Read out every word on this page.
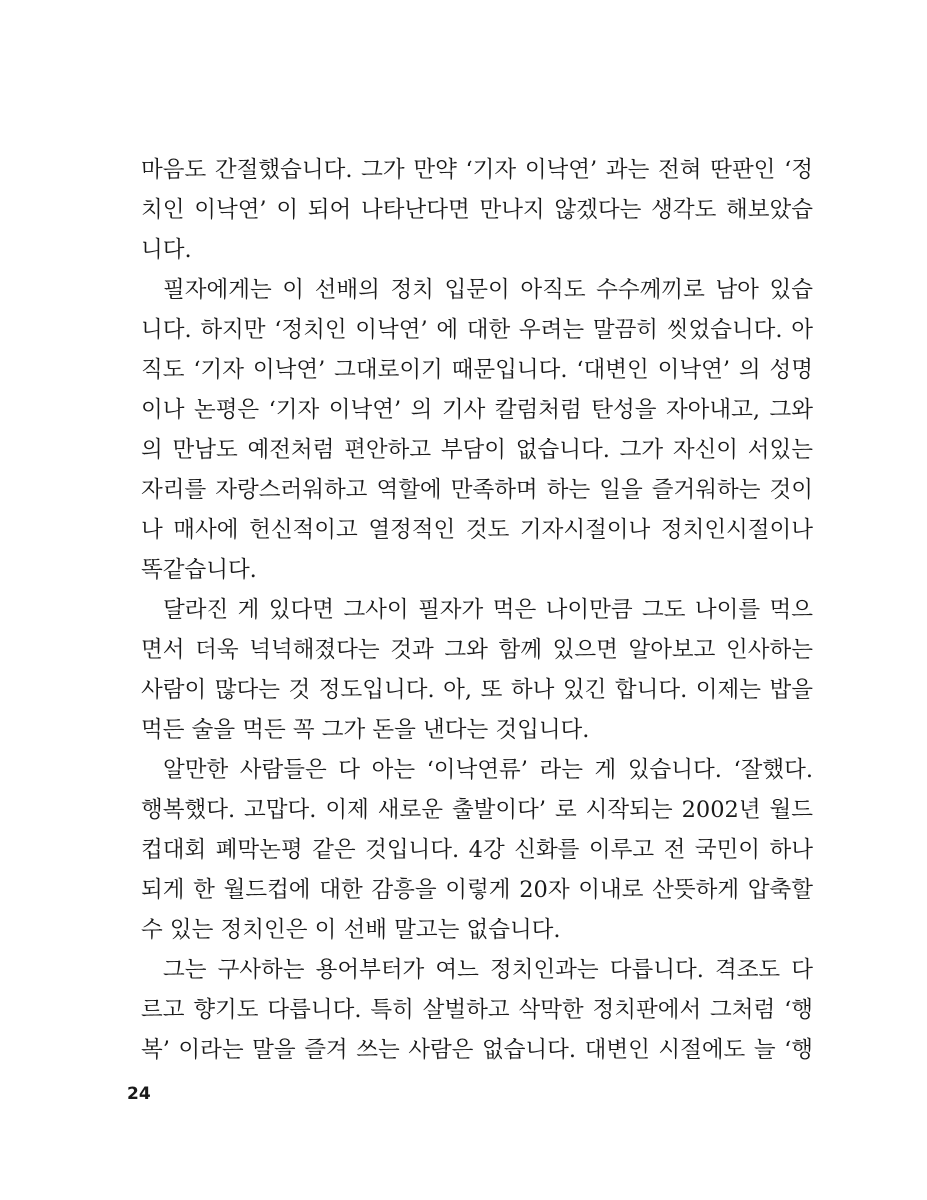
마음도 간절했습니다. 그가 만약 ‘기자 이낙연’ 과는 전혀 딴판인 ‘정
치인 이낙연’ 이 되어 나타난다면 만나지 않겠다는 생각도 해보았습
니다.
필자에게는 이 선배의 정치 입문이 아직도 수수께끼로 남아 있습
니다. 하지만 ‘정치인 이낙연’ 에 대한 우려는 말끔히 씻었습니다. 아
직도 ‘기자 이낙연’ 그대로이기 때문입니다. ‘대변인 이낙연’ 의 성명
이나 논평은 ‘기자 이낙연’ 의 기사 칼럼처럼 탄성을 자아내고, 그와
의 만남도 예전처럼 편안하고 부담이 없습니다. 그가 자신이 서있는
자리를 자랑스러워하고 역할에 만족하며 하는 일을 즐거워하는 것이
나 매사에 헌신적이고 열정적인 것도 기자시절이나 정치인시절이나
똑같습니다.
달라진 게 있다면 그사이 필자가 먹은 나이만큼 그도 나이를 먹으
면서 더욱 넉넉해졌다는 것과 그와 함께 있으면 알아보고 인사하는
사람이 많다는 것 정도입니다. 아, 또 하나 있긴 합니다. 이제는 밥을
먹든 술을 먹든 꼭 그가 돈을 낸다는 것입니다.
알만한 사람들은 다 아는 ‘이낙연류’ 라는 게 있습니다. ‘잘했다.
행복했다. 고맙다. 이제 새로운 출발이다’ 로 시작되는 2002년 월드
컵대회 폐막논평 같은 것입니다. 4강 신화를 이루고 전 국민이 하나
되게 한 월드컵에 대한 감흥을 이렇게 20자 이내로 산뜻하게 압축할
수 있는 정치인은 이 선배 말고는 없습니다.
그는 구사하는 용어부터가 여느 정치인과는 다릅니다. 격조도 다
르고 향기도 다릅니다. 특히 살벌하고 삭막한 정치판에서 그처럼 ‘행
복’ 이라는 말을 즐겨 쓰는 사람은 없습니다. 대변인 시절에도 늘 ‘행
24
